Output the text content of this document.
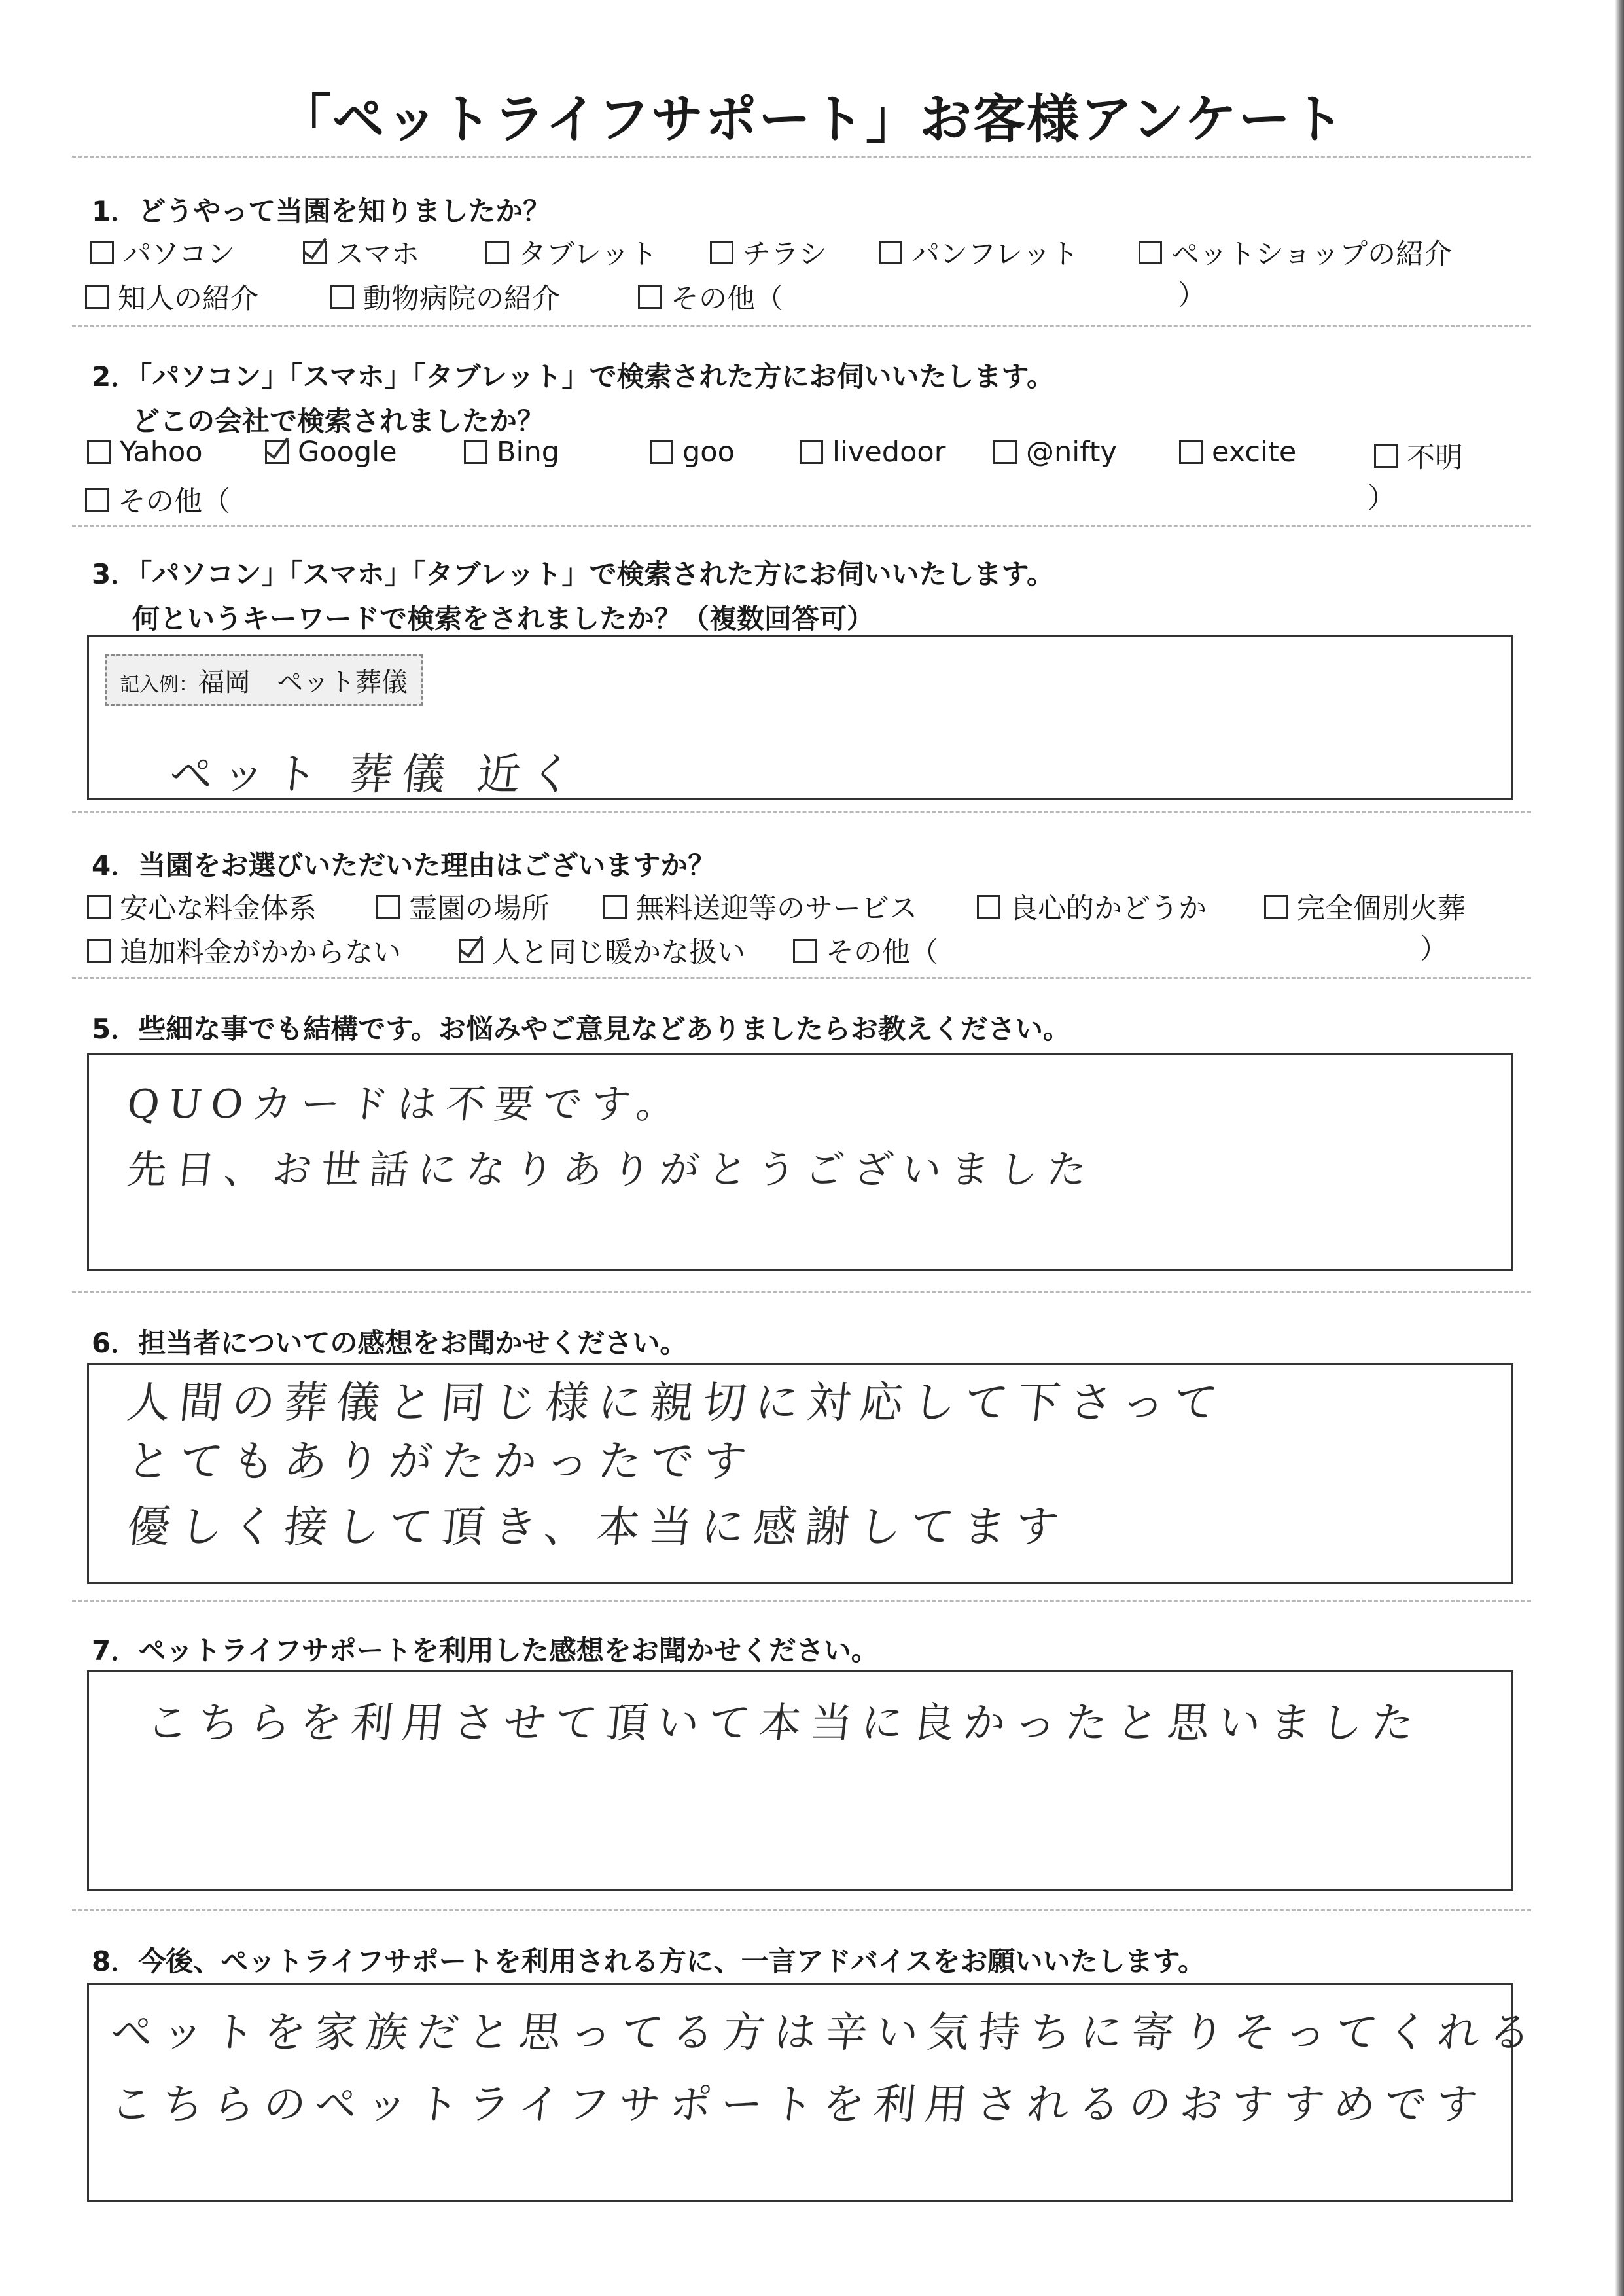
「ペットライフサポート」お客様アンケート
1．どうやって当園を知りましたか？
パソコン	スマホ	タブレット	チラシ	パンフレット	ペットショップの紹介
知人の紹介	動物病院の紹介	その他（	）
2．「パソコン」「スマホ」「タブレット」で検索された方にお伺いいたします。
どこの会社で検索されましたか？
Yahoo	Google	Bing	goo	livedoor	@nifty	excite	不明
その他（	）
3．「パソコン」「スマホ」「タブレット」で検索された方にお伺いいたします。
何というキーワードで検索をされましたか？（複数回答可）
記入例：福岡　ペット葬儀
ペット 葬儀 近く
4．当園をお選びいただいた理由はございますか？
安心な料金体系	霊園の場所	無料送迎等のサービス	良心的かどうか	完全個別火葬
追加料金がかからない	人と同じ暖かな扱い	その他（	）
5．些細な事でも結構です。お悩みやご意見などありましたらお教えください。
QUOカードは不要です。
先日、お世話になりありがとうございました
6．担当者についての感想をお聞かせください。
人間の葬儀と同じ様に親切に対応して下さって
とてもありがたかったです
優しく接して頂き、本当に感謝してます
7．ペットライフサポートを利用した感想をお聞かせください。
こちらを利用させて頂いて本当に良かったと思いました
8．今後、ペットライフサポートを利用される方に、一言アドバイスをお願いいたします。
ペットを家族だと思ってる方は辛い気持ちに寄りそってくれる
こちらのペットライフサポートを利用されるのおすすめです
